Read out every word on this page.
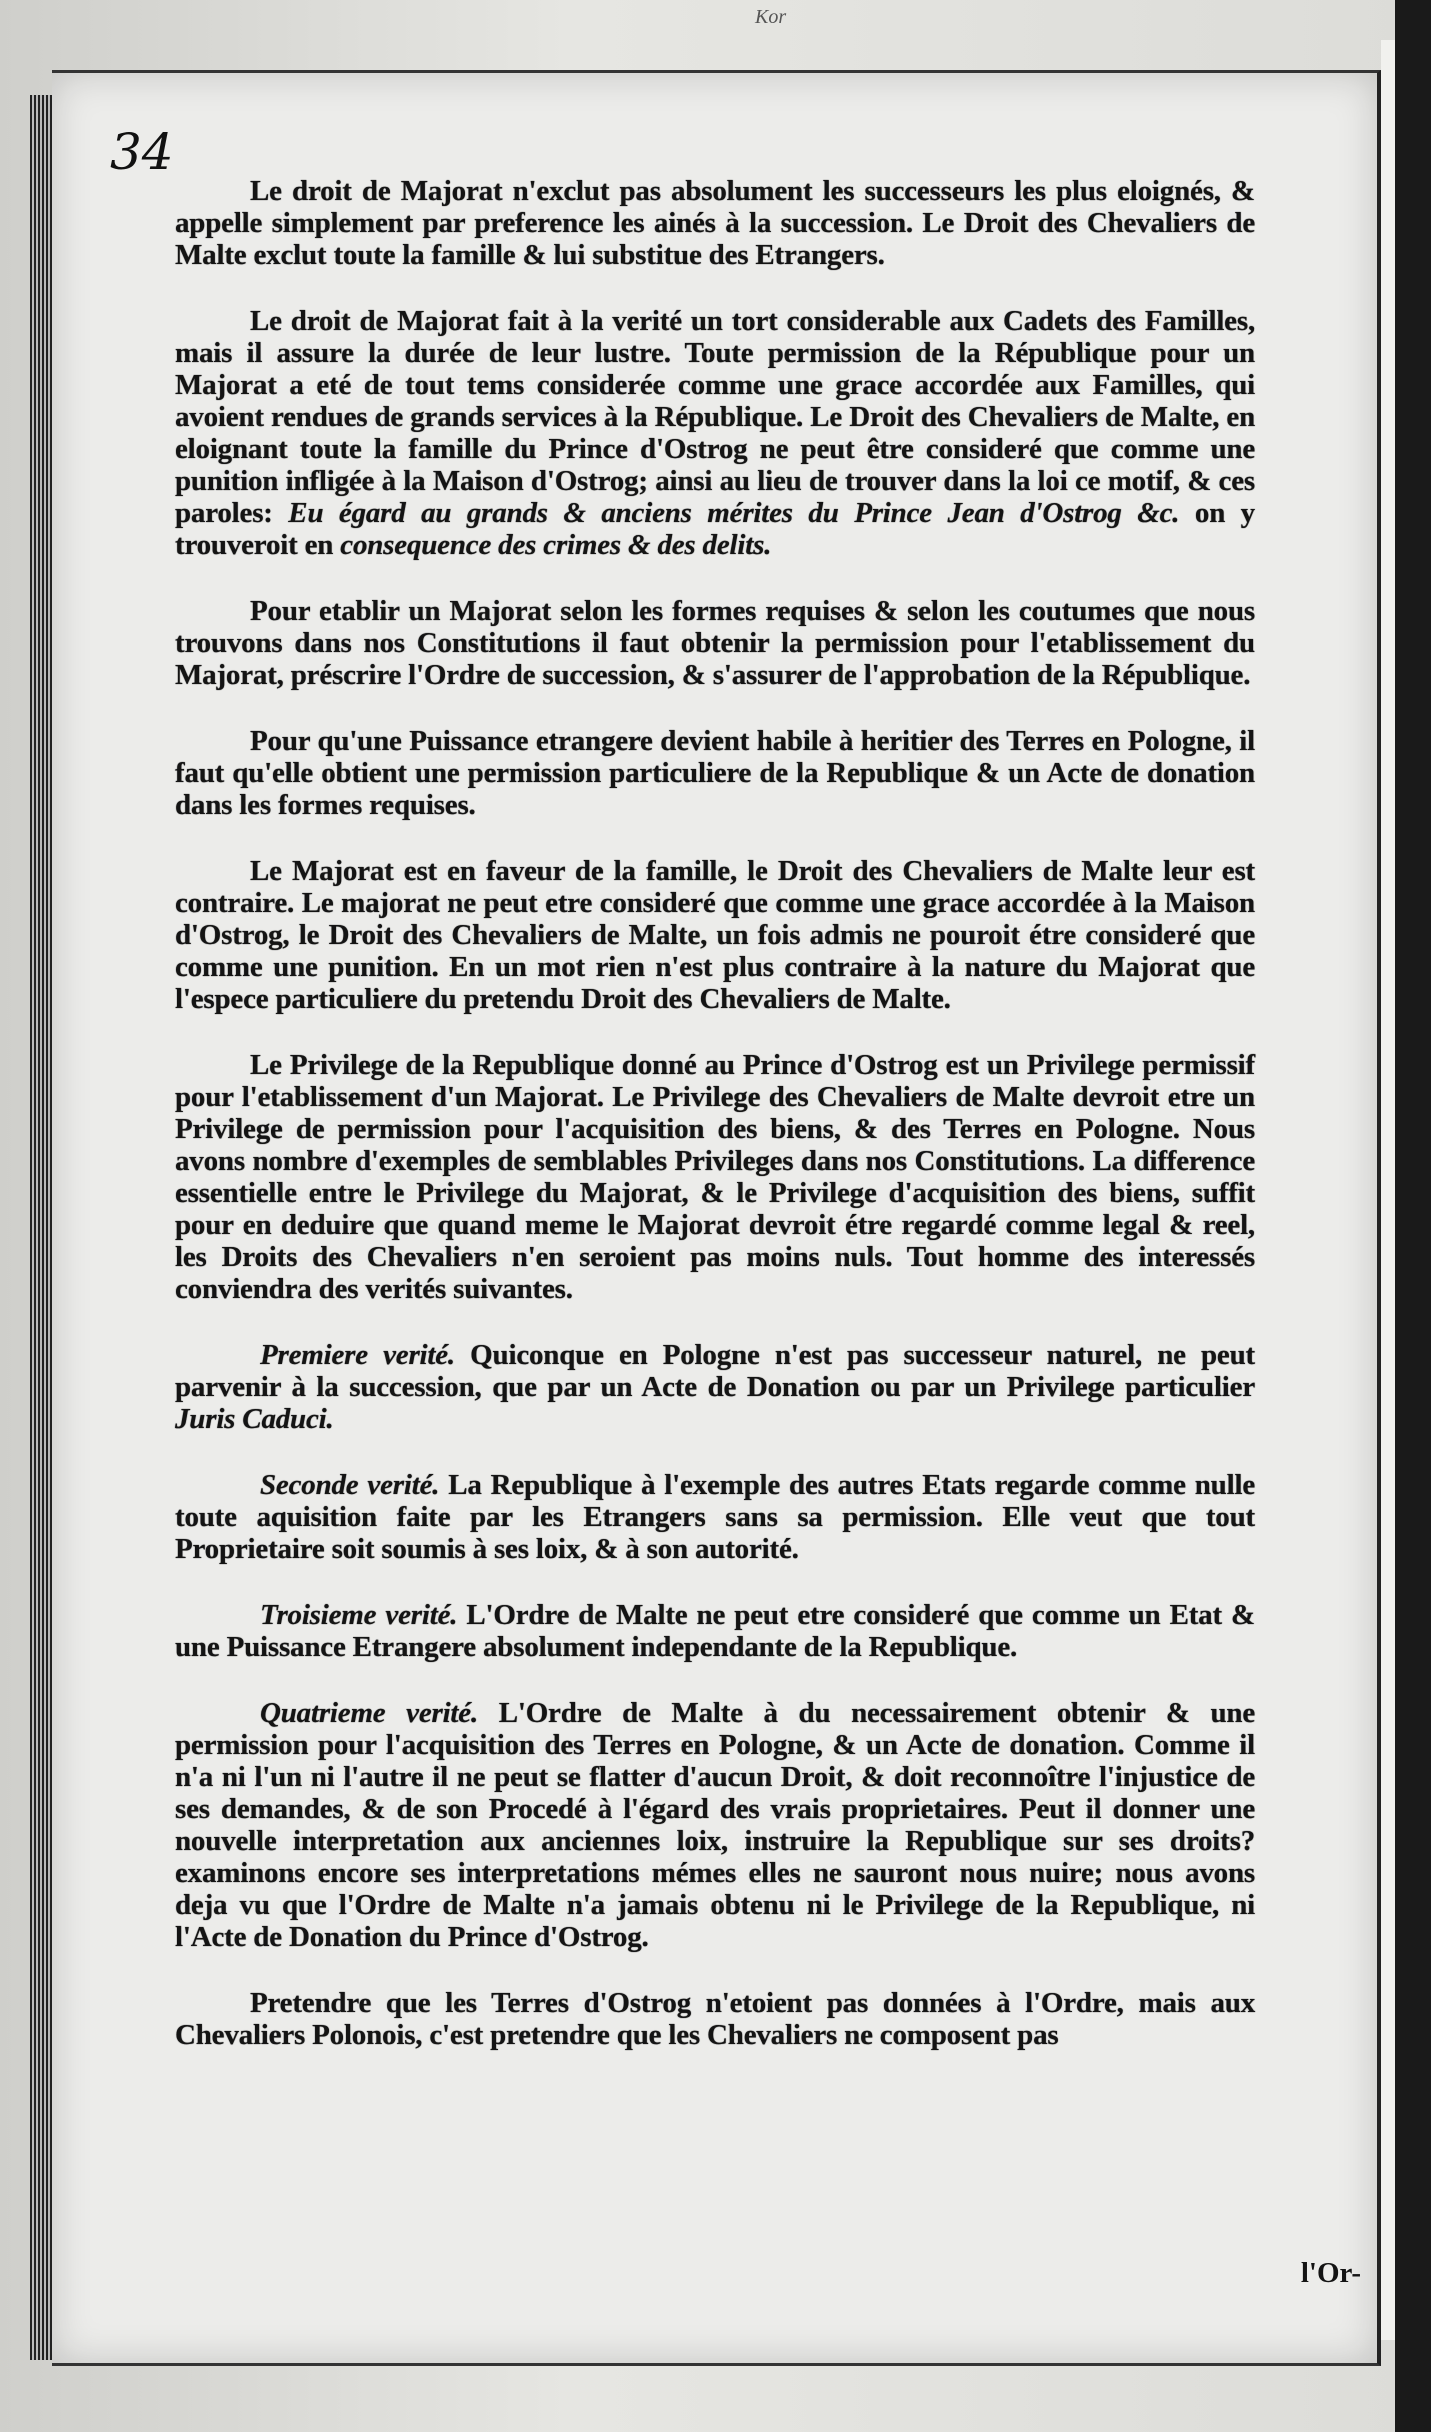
Kor
34

Le droit de Majorat n'exclut pas absolument les successeurs les plus eloignés, & appelle simplement par preference les ainés à la succession. Le Droit des Chevaliers de Malte exclut toute la famille & lui substitue des Etrangers.

Le droit de Majorat fait à la verité un tort considerable aux Cadets des Familles, mais il assure la durée de leur lustre. Toute permission de la République pour un Majorat a eté de tout tems considerée comme une grace accordée aux Familles, qui avoient rendues de grands services à la République. Le Droit des Chevaliers de Malte, en eloignant toute la famille du Prince d'Ostrog ne peut être consideré que comme une punition infligée à la Maison d'Ostrog; ainsi au lieu de trouver dans la loi ce motif, & ces paroles: Eu égard au grands & anciens mérites du Prince Jean d'Ostrog &c. on y trouveroit en consequence des crimes & des delits.

Pour etablir un Majorat selon les formes requises & selon les coutumes que nous trouvons dans nos Constitutions il faut obtenir la permission pour l'etablissement du Majorat, préscrire l'Ordre de succession, & s'assurer de l'approbation de la République.

Pour qu'une Puissance etrangere devient habile à heritier des Terres en Pologne, il faut qu'elle obtient une permission particuliere de la Republique & un Acte de donation dans les formes requises.

Le Majorat est en faveur de la famille, le Droit des Chevaliers de Malte leur est contraire. Le majorat ne peut etre consideré que comme une grace accordée à la Maison d'Ostrog, le Droit des Chevaliers de Malte, un fois admis ne pouroit étre consideré que comme une punition. En un mot rien n'est plus contraire à la nature du Majorat que l'espece particuliere du pretendu Droit des Chevaliers de Malte.

Le Privilege de la Republique donné au Prince d'Ostrog est un Privilege permissif pour l'etablissement d'un Majorat. Le Privilege des Chevaliers de Malte devroit etre un Privilege de permission pour l'acquisition des biens, & des Terres en Pologne. Nous avons nombre d'exemples de semblables Privileges dans nos Constitutions. La difference essentielle entre le Privilege du Majorat, & le Privilege d'acquisition des biens, suffit pour en deduire que quand meme le Majorat devroit étre regardé comme legal & reel, les Droits des Chevaliers n'en seroient pas moins nuls. Tout homme des interessés conviendra des verités suivantes.

Premiere verité. Quiconque en Pologne n'est pas successeur naturel, ne peut parvenir à la succession, que par un Acte de Donation ou par un Privilege particulier Juris Caduci.

Seconde verité. La Republique à l'exemple des autres Etats regarde comme nulle toute aquisition faite par les Etrangers sans sa permission. Elle veut que tout Proprietaire soit soumis à ses loix, & à son autorité.

Troisieme verité. L'Ordre de Malte ne peut etre consideré que comme un Etat & une Puissance Etrangere absolument independante de la Republique.

Quatrieme verité. L'Ordre de Malte à du necessairement obtenir & une permission pour l'acquisition des Terres en Pologne, & un Acte de donation. Comme il n'a ni l'un ni l'autre il ne peut se flatter d'aucun Droit, & doit reconnoître l'injustice de ses demandes, & de son Procedé à l'égard des vrais proprietaires. Peut il donner une nouvelle interpretation aux anciennes loix, instruire la Republique sur ses droits? examinons encore ses interpretations mémes elles ne sauront nous nuire; nous avons deja vu que l'Ordre de Malte n'a jamais obtenu ni le Privilege de la Republique, ni l'Acte de Donation du Prince d'Ostrog.

Pretendre que les Terres d'Ostrog n'etoient pas données à l'Ordre, mais aux Chevaliers Polonois, c'est pretendre que les Chevaliers ne composent pas

l'Or-
